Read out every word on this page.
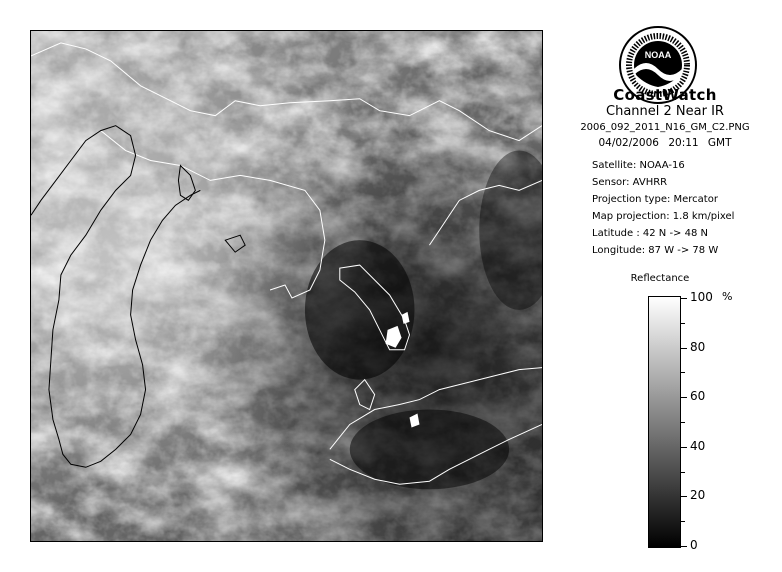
NOAA
CoastWatch
Channel 2 Near IR
2006_092_2011_N16_GM_C2.PNG
04/02/2006 20:11 GMT
Satellite: NOAA-16
Sensor: AVHRR
Projection type: Mercator
Map projection: 1.8 km/pixel
Latitude : 42 N -> 48 N
Longitude: 87 W -> 78 W
Reflectance
%
100
80
60
40
20
0
